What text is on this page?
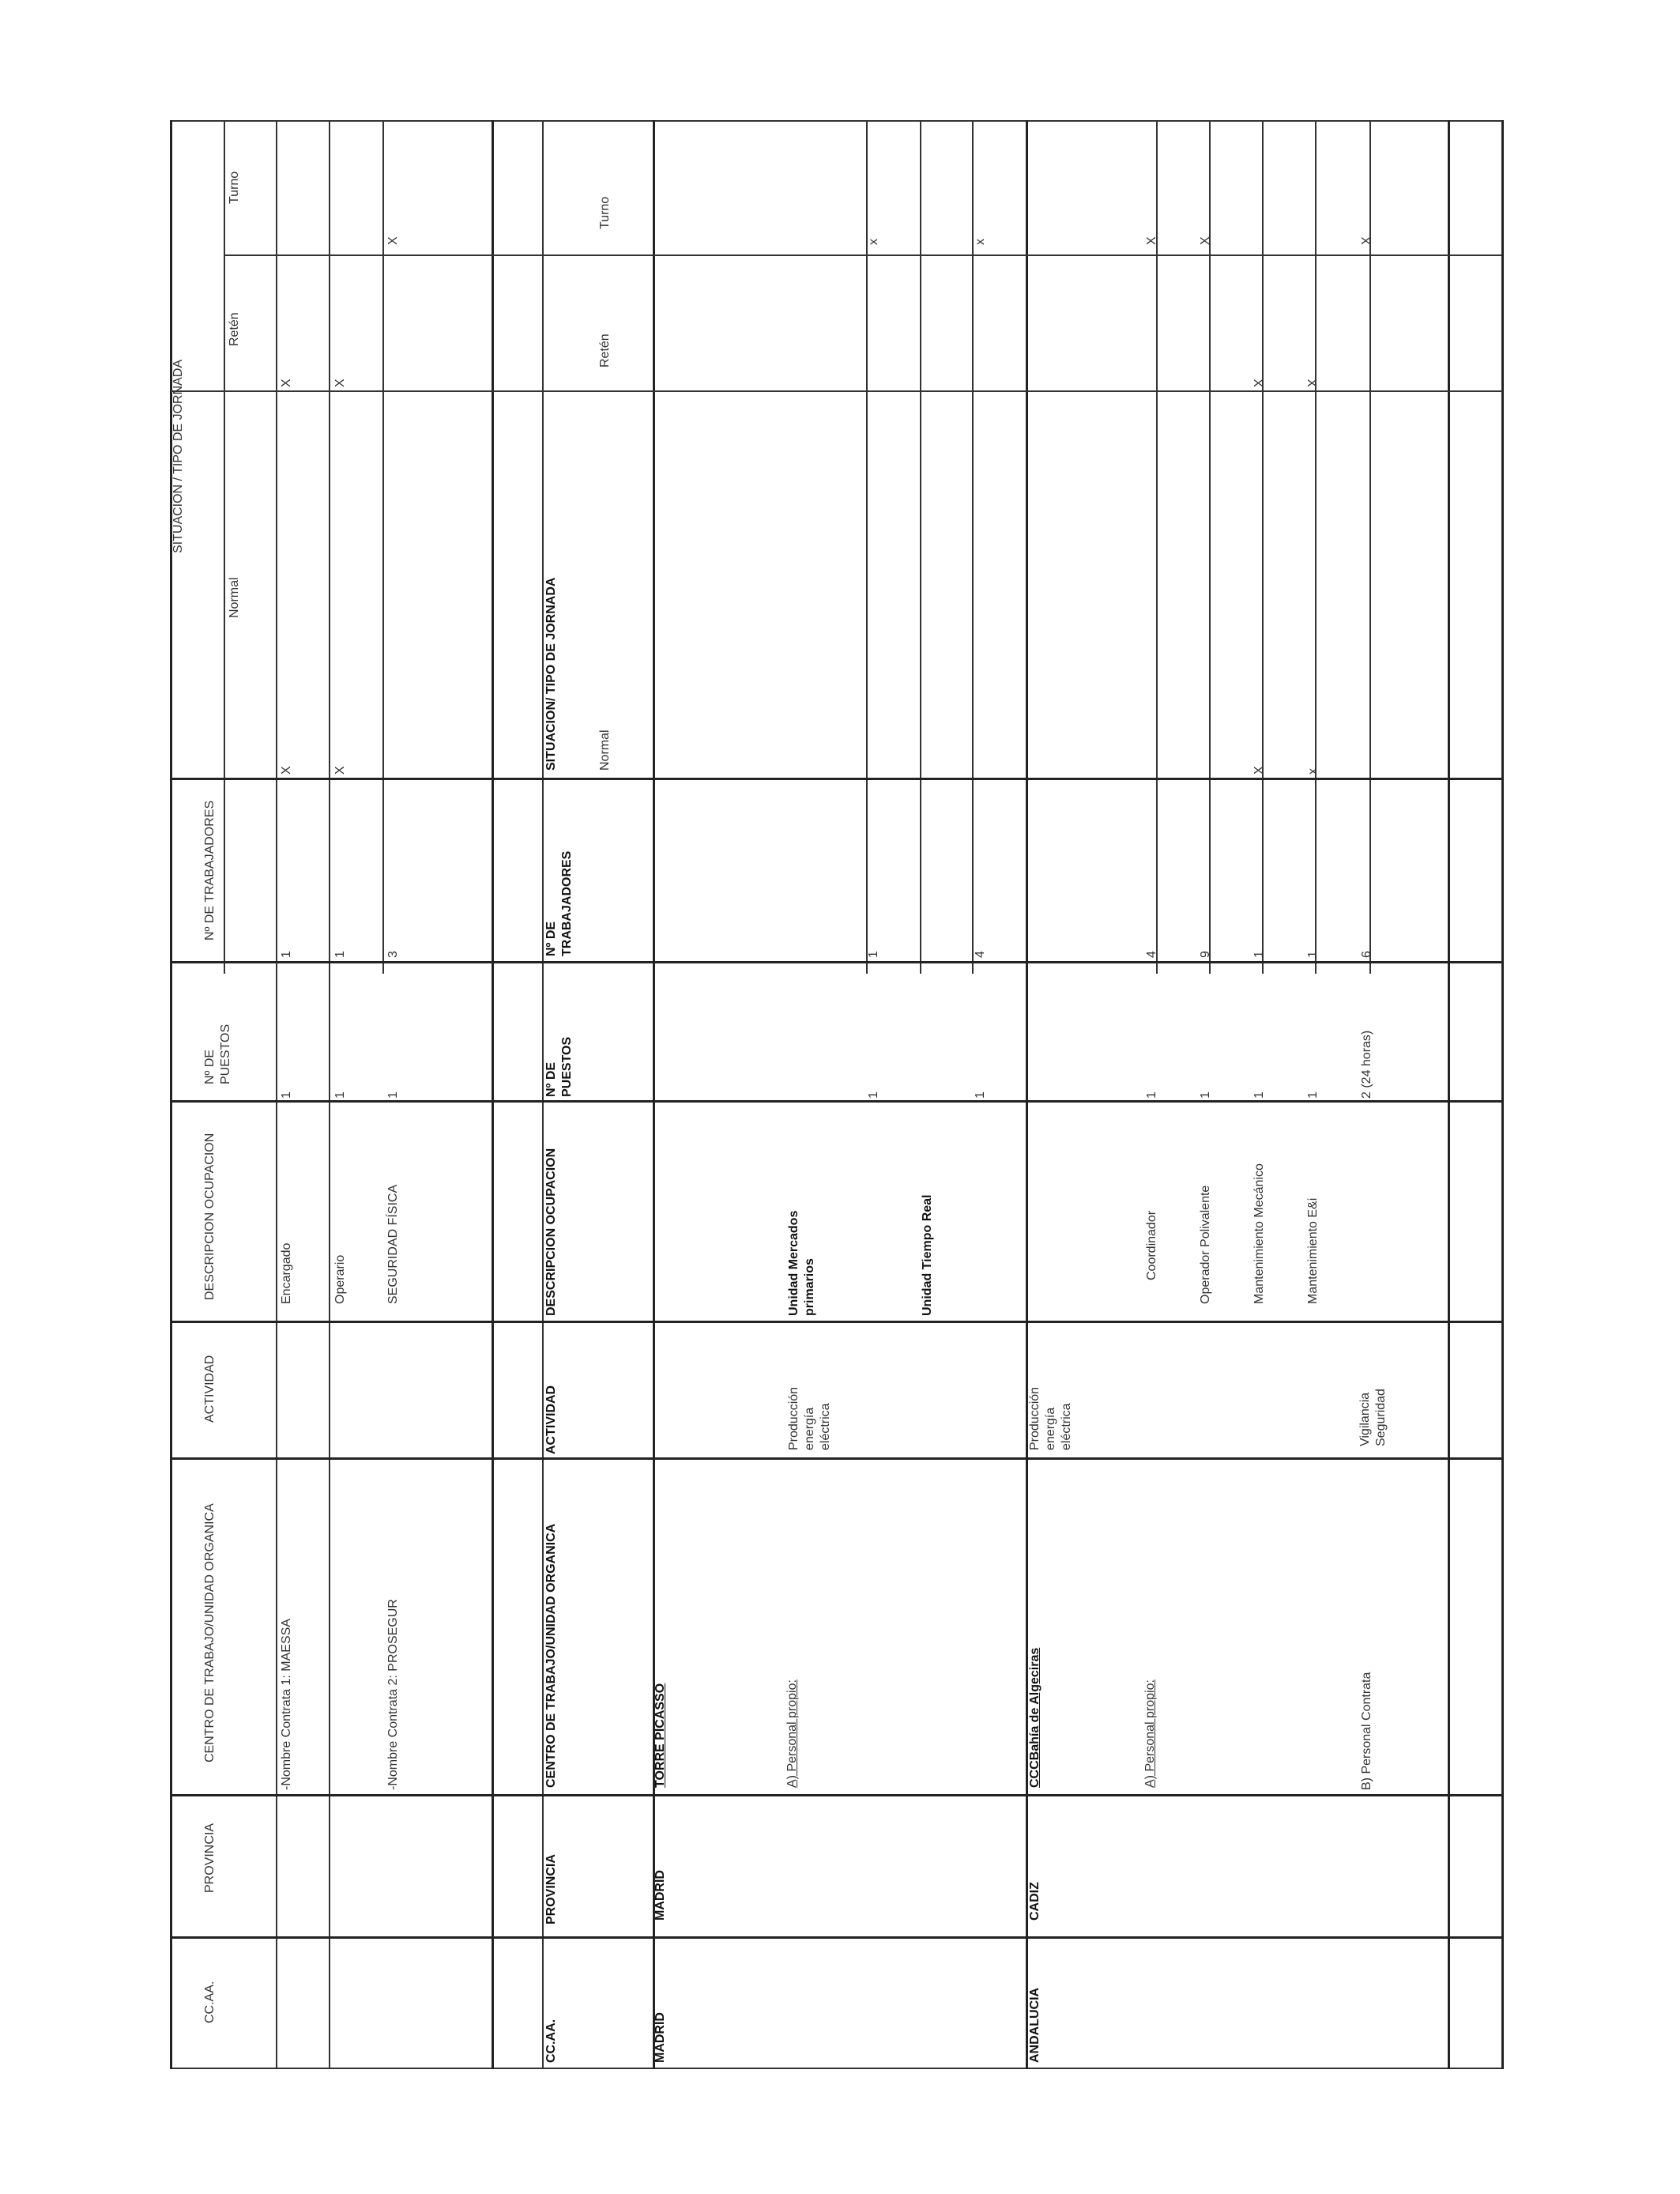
CC.AA.
PROVINCIA
CENTRO DE TRABAJO/UNIDAD ORGANICA
ACTIVIDAD
DESCRIPCION OCUPACION
Nº DE
PUESTOS
Nº DE TRABAJADORES
SITUACION / TIPO DE JORNADA
Normal
Retén
Turno
-Nombre Contrata 1: MAESSA
Encargado
1
1
X
X
Operario
1
1
X
X
-Nombre Contrata 2: PROSEGUR
SEGURIDAD FÍSICA
1
3
X
CC.AA.
PROVINCIA
CENTRO DE TRABAJO/UNIDAD ORGANICA
ACTIVIDAD
DESCRIPCION OCUPACION
Nº DE
PUESTOS
Nº DE
TRABAJADORES
SITUACION/ TIPO DE JORNADA	Normal
Retén
Turno
MADRID
MADRID
TORRE PICASSO	A) Personal propio:
Producción
energía
eléctrica
Unidad Mercados
primarios
1
1
x
Unidad Tiempo Real
1
4
x
ANDALUCIA
CADIZ
CCCBahía de Algeciras
Producción
energía
eléctrica
A) Personal propio:
Coordinador
1
4
X
Operador Polivalente
1
9
X
Mantenimiento Mecánico
1
1
X
X
Mantenimiento E&i
1
1
x
X
B) Personal Contrata
Vigilancia
Seguridad
2 (24 horas)
6
X
